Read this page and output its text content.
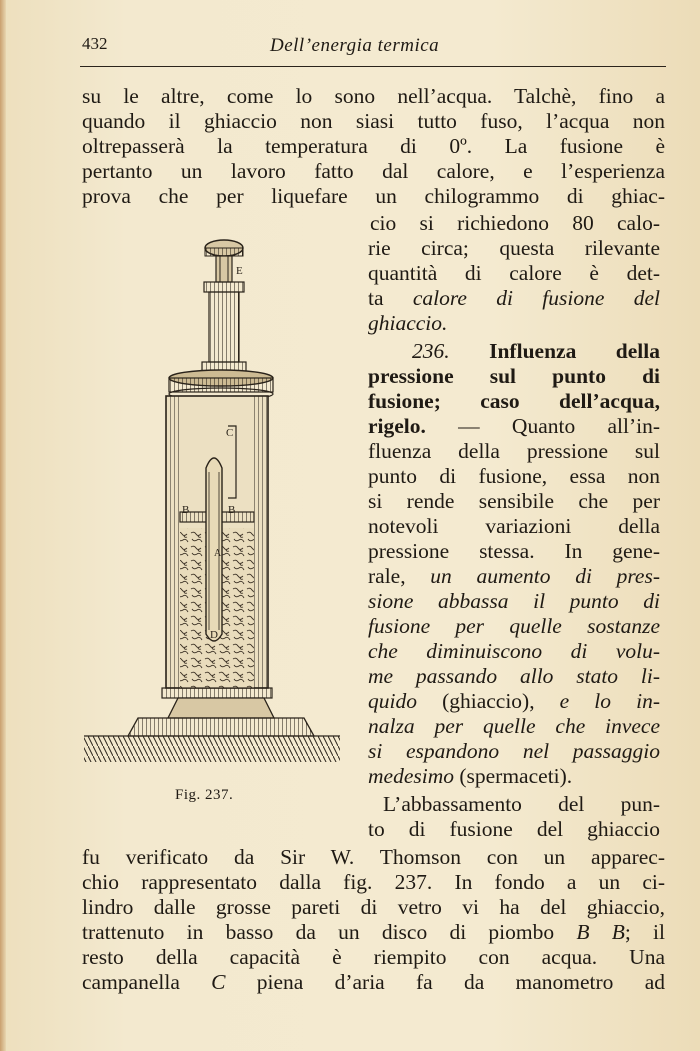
432	Dell’energia termica
su le altre, come lo sono nell’acqua. Talchè, fino a
quando il ghiaccio non siasi tutto fuso, l’acqua non
oltrepasserà la temperatura di 0º. La fusione è
pertanto un lavoro fatto dal calore, e l’esperienza
prova che per liquefare un chilogrammo di ghiac-
cio si richiedono 80 calo-
rie circa; questa rilevante
quantità di calore è det-
ta calore di fusione del
ghiaccio.
236. Influenza della
pressione sul punto di
fusione; caso dell’acqua,
rigelo. — Quanto all’in-
fluenza della pressione sul
punto di fusione, essa non
si rende sensibile che per
notevoli variazioni della
pressione stessa. In gene-
rale, un aumento di pres-
sione abbassa il punto di
fusione per quelle sostanze
che diminuiscono di volu-
me passando allo stato li-
quido (ghiaccio), e lo in-
nalza per quelle che invece
si espandono nel passaggio
medesimo (spermaceti).
L’abbassamento del pun-
to di fusione del ghiaccio
fu verificato da Sir W. Thomson con un apparec-
chio rappresentato dalla fig. 237. In fondo a un ci-
lindro dalle grosse pareti di vetro vi ha del ghiaccio,
trattenuto in basso da un disco di piombo B B; il
resto della capacità è riempito con acqua. Una
campanella C piena d’aria fa da manometro ad
E
C
B	B
A
D
Fig. 237.
